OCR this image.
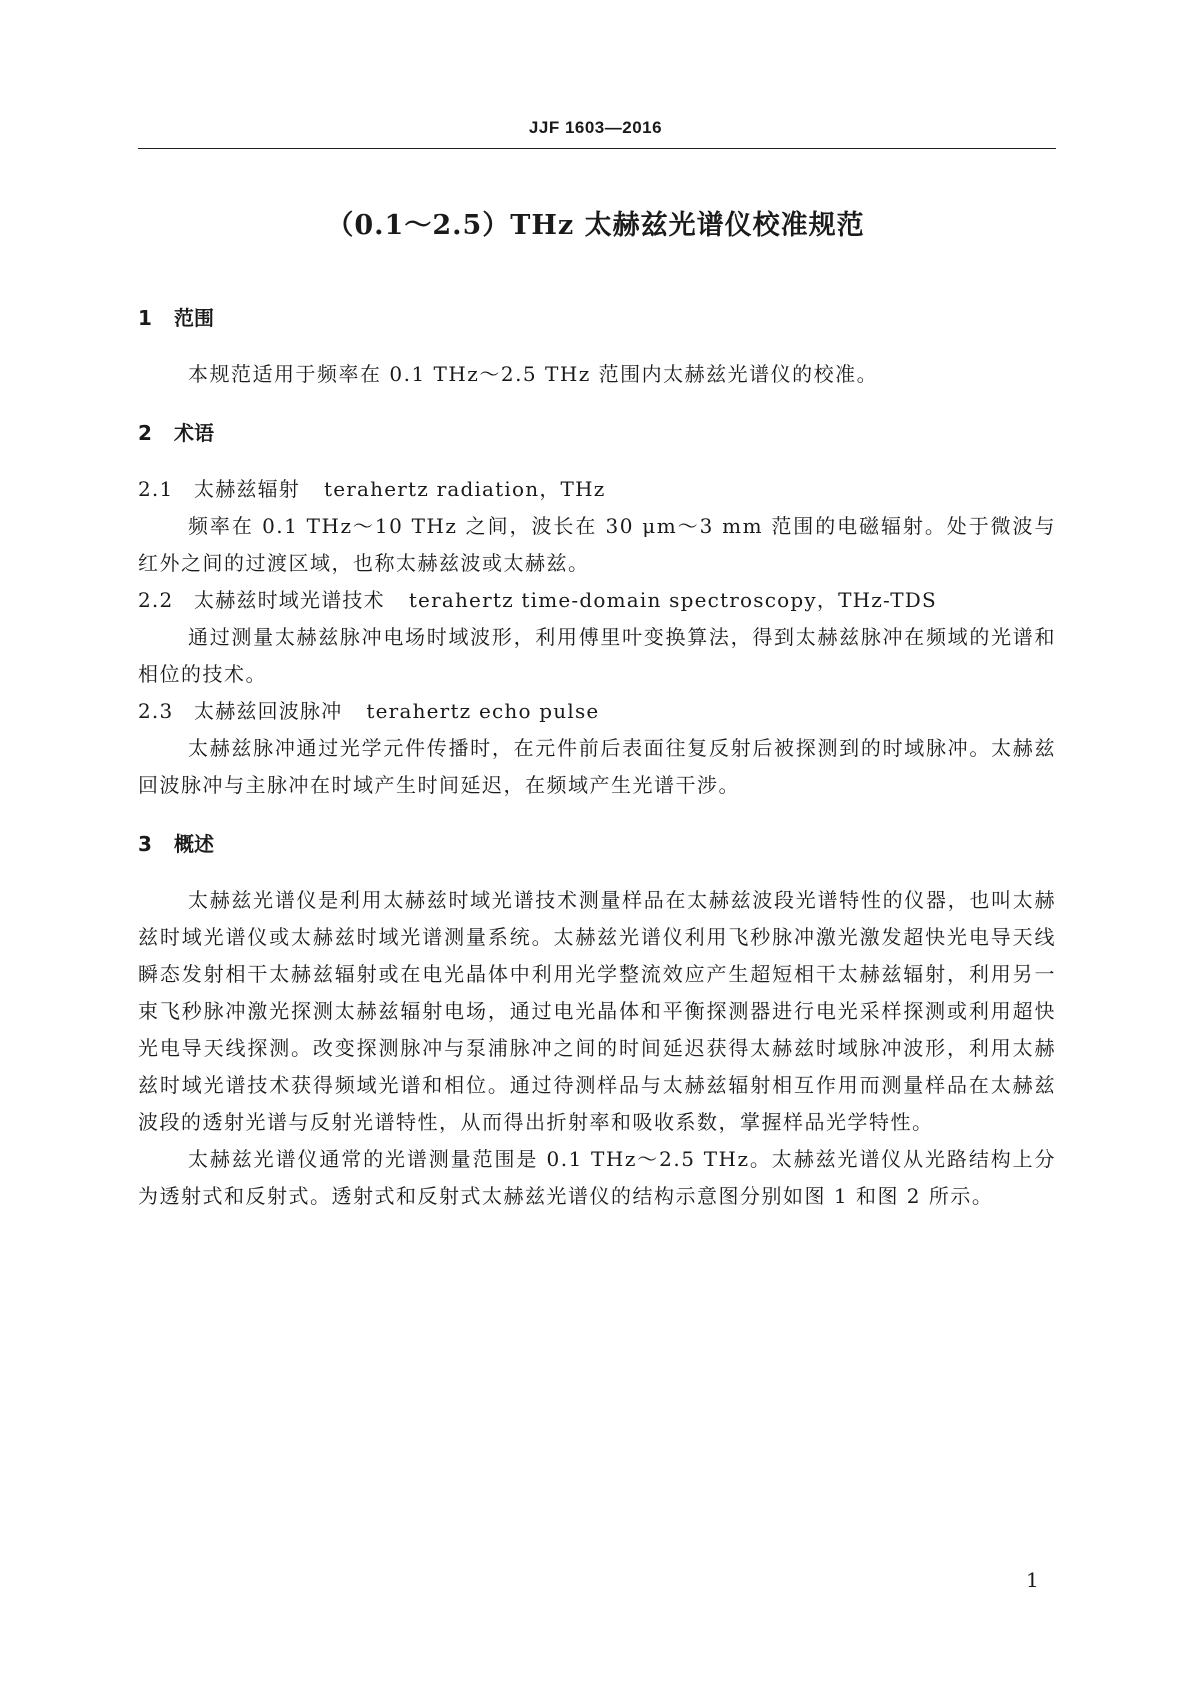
JJF 1603—2016
（0.1～2.5）THz 太赫兹光谱仪校准规范
1 范围

本规范适用于频率在 0.1 THz～2.5 THz 范围内太赫兹光谱仪的校准。

2 术语

2.1 太赫兹辐射 terahertz radiation，THz

频率在 0.1 THz～10 THz 之间，波长在 30 μm～3 mm 范围的电磁辐射。处于微波与红外之间的过渡区域，也称太赫兹波或太赫兹。

2.2 太赫兹时域光谱技术 terahertz time-domain spectroscopy，THz-TDS

通过测量太赫兹脉冲电场时域波形，利用傅里叶变换算法，得到太赫兹脉冲在频域的光谱和相位的技术。

2.3 太赫兹回波脉冲 terahertz echo pulse

太赫兹脉冲通过光学元件传播时，在元件前后表面往复反射后被探测到的时域脉冲。太赫兹回波脉冲与主脉冲在时域产生时间延迟，在频域产生光谱干涉。

3 概述

太赫兹光谱仪是利用太赫兹时域光谱技术测量样品在太赫兹波段光谱特性的仪器，也叫太赫兹时域光谱仪或太赫兹时域光谱测量系统。太赫兹光谱仪利用飞秒脉冲激光激发超快光电导天线瞬态发射相干太赫兹辐射或在电光晶体中利用光学整流效应产生超短相干太赫兹辐射，利用另一束飞秒脉冲激光探测太赫兹辐射电场，通过电光晶体和平衡探测器进行电光采样探测或利用超快光电导天线探测。改变探测脉冲与泵浦脉冲之间的时间延迟获得太赫兹时域脉冲波形，利用太赫兹时域光谱技术获得频域光谱和相位。通过待测样品与太赫兹辐射相互作用而测量样品在太赫兹波段的透射光谱与反射光谱特性，从而得出折射率和吸收系数，掌握样品光学特性。

太赫兹光谱仪通常的光谱测量范围是 0.1 THz～2.5 THz。太赫兹光谱仪从光路结构上分为透射式和反射式。透射式和反射式太赫兹光谱仪的结构示意图分别如图 1 和图 2 所示。

1
